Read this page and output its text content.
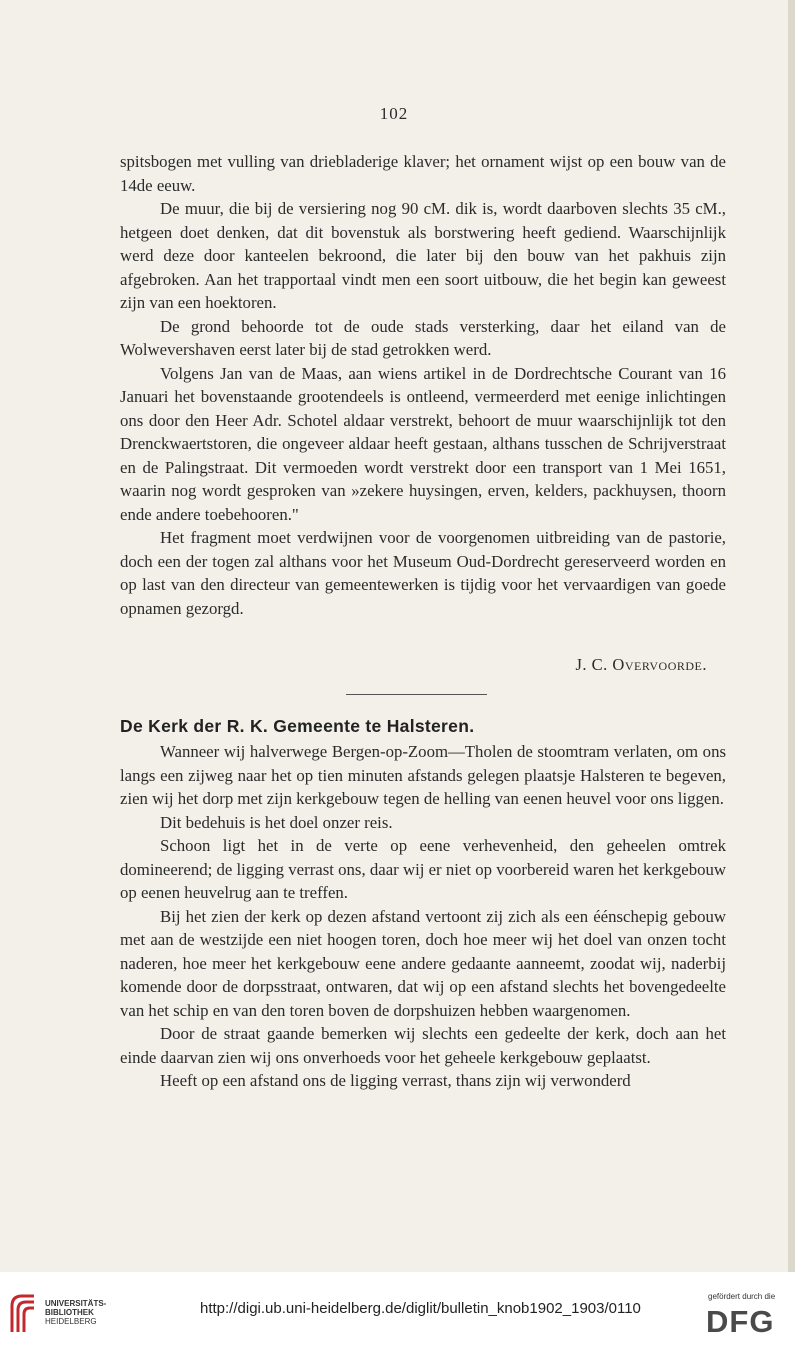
102

spitsbogen met vulling van driebladerige klaver; het ornament wijst op een bouw van de 14de eeuw.

De muur, die bij de versiering nog 90 cM. dik is, wordt daarboven slechts 35 cM., hetgeen doet denken, dat dit bovenstuk als borstwering heeft gediend. Waarschijnlijk werd deze door kanteelen bekroond, die later bij den bouw van het pakhuis zijn afgebroken. Aan het trapportaal vindt men een soort uitbouw, die het begin kan geweest zijn van een hoektoren.

De grond behoorde tot de oude stads versterking, daar het eiland van de Wolwevershaven eerst later bij de stad getrokken werd.

Volgens Jan van de Maas, aan wiens artikel in de Dordrechtsche Courant van 16 Januari het bovenstaande grootendeels is ontleend, vermeerderd met eenige inlichtingen ons door den Heer Adr. Schotel aldaar verstrekt, behoort de muur waarschijnlijk tot den Drenckwaertstoren, die ongeveer aldaar heeft gestaan, althans tusschen de Schrijverstraat en de Palingstraat. Dit vermoeden wordt verstrekt door een transport van 1 Mei 1651, waarin nog wordt gesproken van »zekere huysingen, erven, kelders, packhuysen, thoorn ende andere toebehooren."

Het fragment moet verdwijnen voor de voorgenomen uitbreiding van de pastorie, doch een der togen zal althans voor het Museum Oud-Dordrecht gereserveerd worden en op last van den directeur van gemeentewerken is tijdig voor het vervaardigen van goede opnamen gezorgd.

J. C. Overvoorde.
De Kerk der R. K. Gemeente te Halsteren.

Wanneer wij halverwege Bergen-op-Zoom—Tholen de stoomtram verlaten, om ons langs een zijweg naar het op tien minuten afstands gelegen plaatsje Halsteren te begeven, zien wij het dorp met zijn kerkgebouw tegen de helling van eenen heuvel voor ons liggen.

Dit bedehuis is het doel onzer reis.

Schoon ligt het in de verte op eene verhevenheid, den geheelen omtrek domineerend; de ligging verrast ons, daar wij er niet op voorbereid waren het kerkgebouw op eenen heuvelrug aan te treffen.

Bij het zien der kerk op dezen afstand vertoont zij zich als een éénschepig gebouw met aan de westzijde een niet hoogen toren, doch hoe meer wij het doel van onzen tocht naderen, hoe meer het kerkgebouw eene andere gedaante aanneemt, zoodat wij, naderbij komende door de dorpsstraat, ontwaren, dat wij op een afstand slechts het bovengedeelte van het schip en van den toren boven de dorpshuizen hebben waargenomen.

Door de straat gaande bemerken wij slechts een gedeelte der kerk, doch aan het einde daarvan zien wij ons onverhoeds voor het geheele kerkgebouw geplaatst.

Heeft op een afstand ons de ligging verrast, thans zijn wij verwonderd

UNIVERSITÄTS-
BIBLIOTHEK
HEIDELBERG
http://digi.ub.uni-heidelberg.de/diglit/bulletin_knob1902_1903/0110
gefördert durch die
DFG
